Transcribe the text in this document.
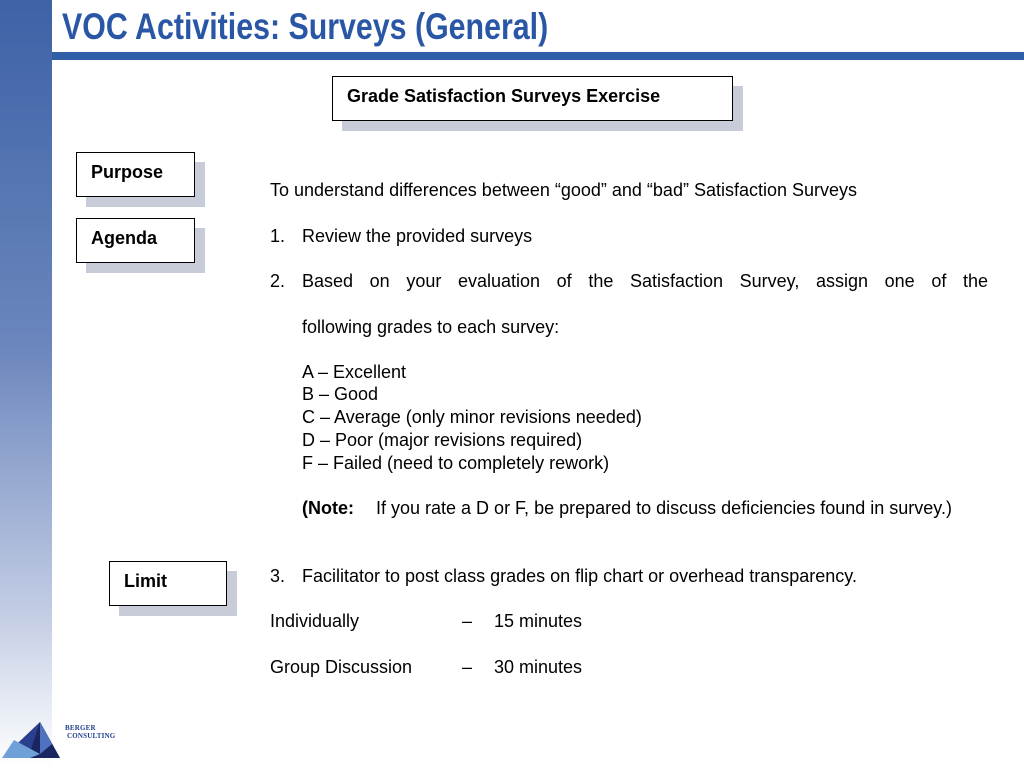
VOC Activities: Surveys (General)
Grade Satisfaction Surveys Exercise
Purpose
Agenda
Limit
To understand differences between “good” and “bad” Satisfaction Surveys
1. Review the provided surveys
2. Based on your evaluation of the Satisfaction Survey, assign one of the
following grades to each survey:
A – Excellent
B – Good
C – Average (only minor revisions needed)
D – Poor (major revisions required)
F – Failed (need to completely rework)
(Note: If you rate a D or F, be prepared to discuss deficiencies found in survey.)
3. Facilitator to post class grades on flip chart or overhead transparency.
Individually	– 15 minutes
Group Discussion	– 30 minutes
BERGER
CONSULTING
